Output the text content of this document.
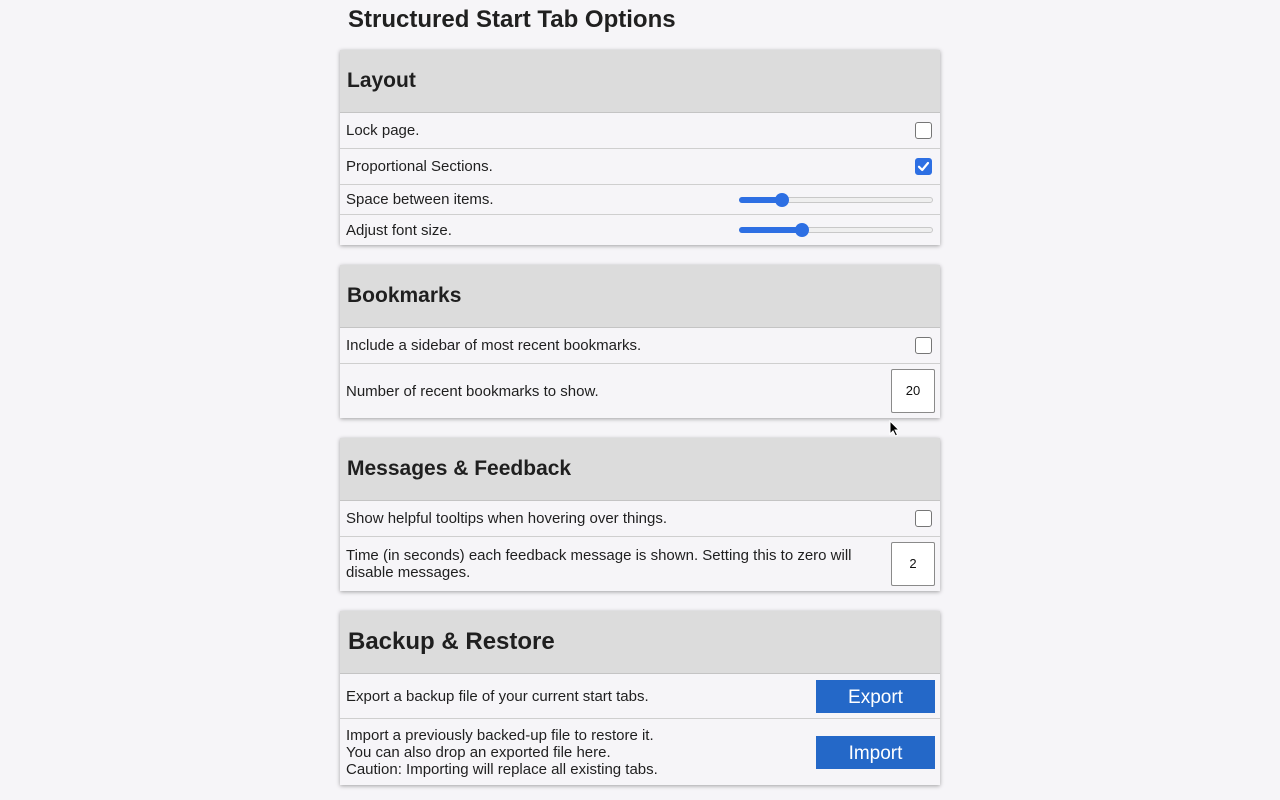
Structured Start Tab Options
Layout
Lock page.
Proportional Sections.
Space between items.
Adjust font size.
Bookmarks
Include a sidebar of most recent bookmarks.
Number of recent bookmarks to show.	20
Messages & Feedback
Show helpful tooltips when hovering over things.
Time (in seconds) each feedback message is shown. Setting this to zero will disable messages.
2
Backup & Restore
Export a backup file of your current start tabs.	Export
Import a previously backed-up file to restore it.
You can also drop an exported file here.
Caution: Importing will replace all existing tabs.
Import
